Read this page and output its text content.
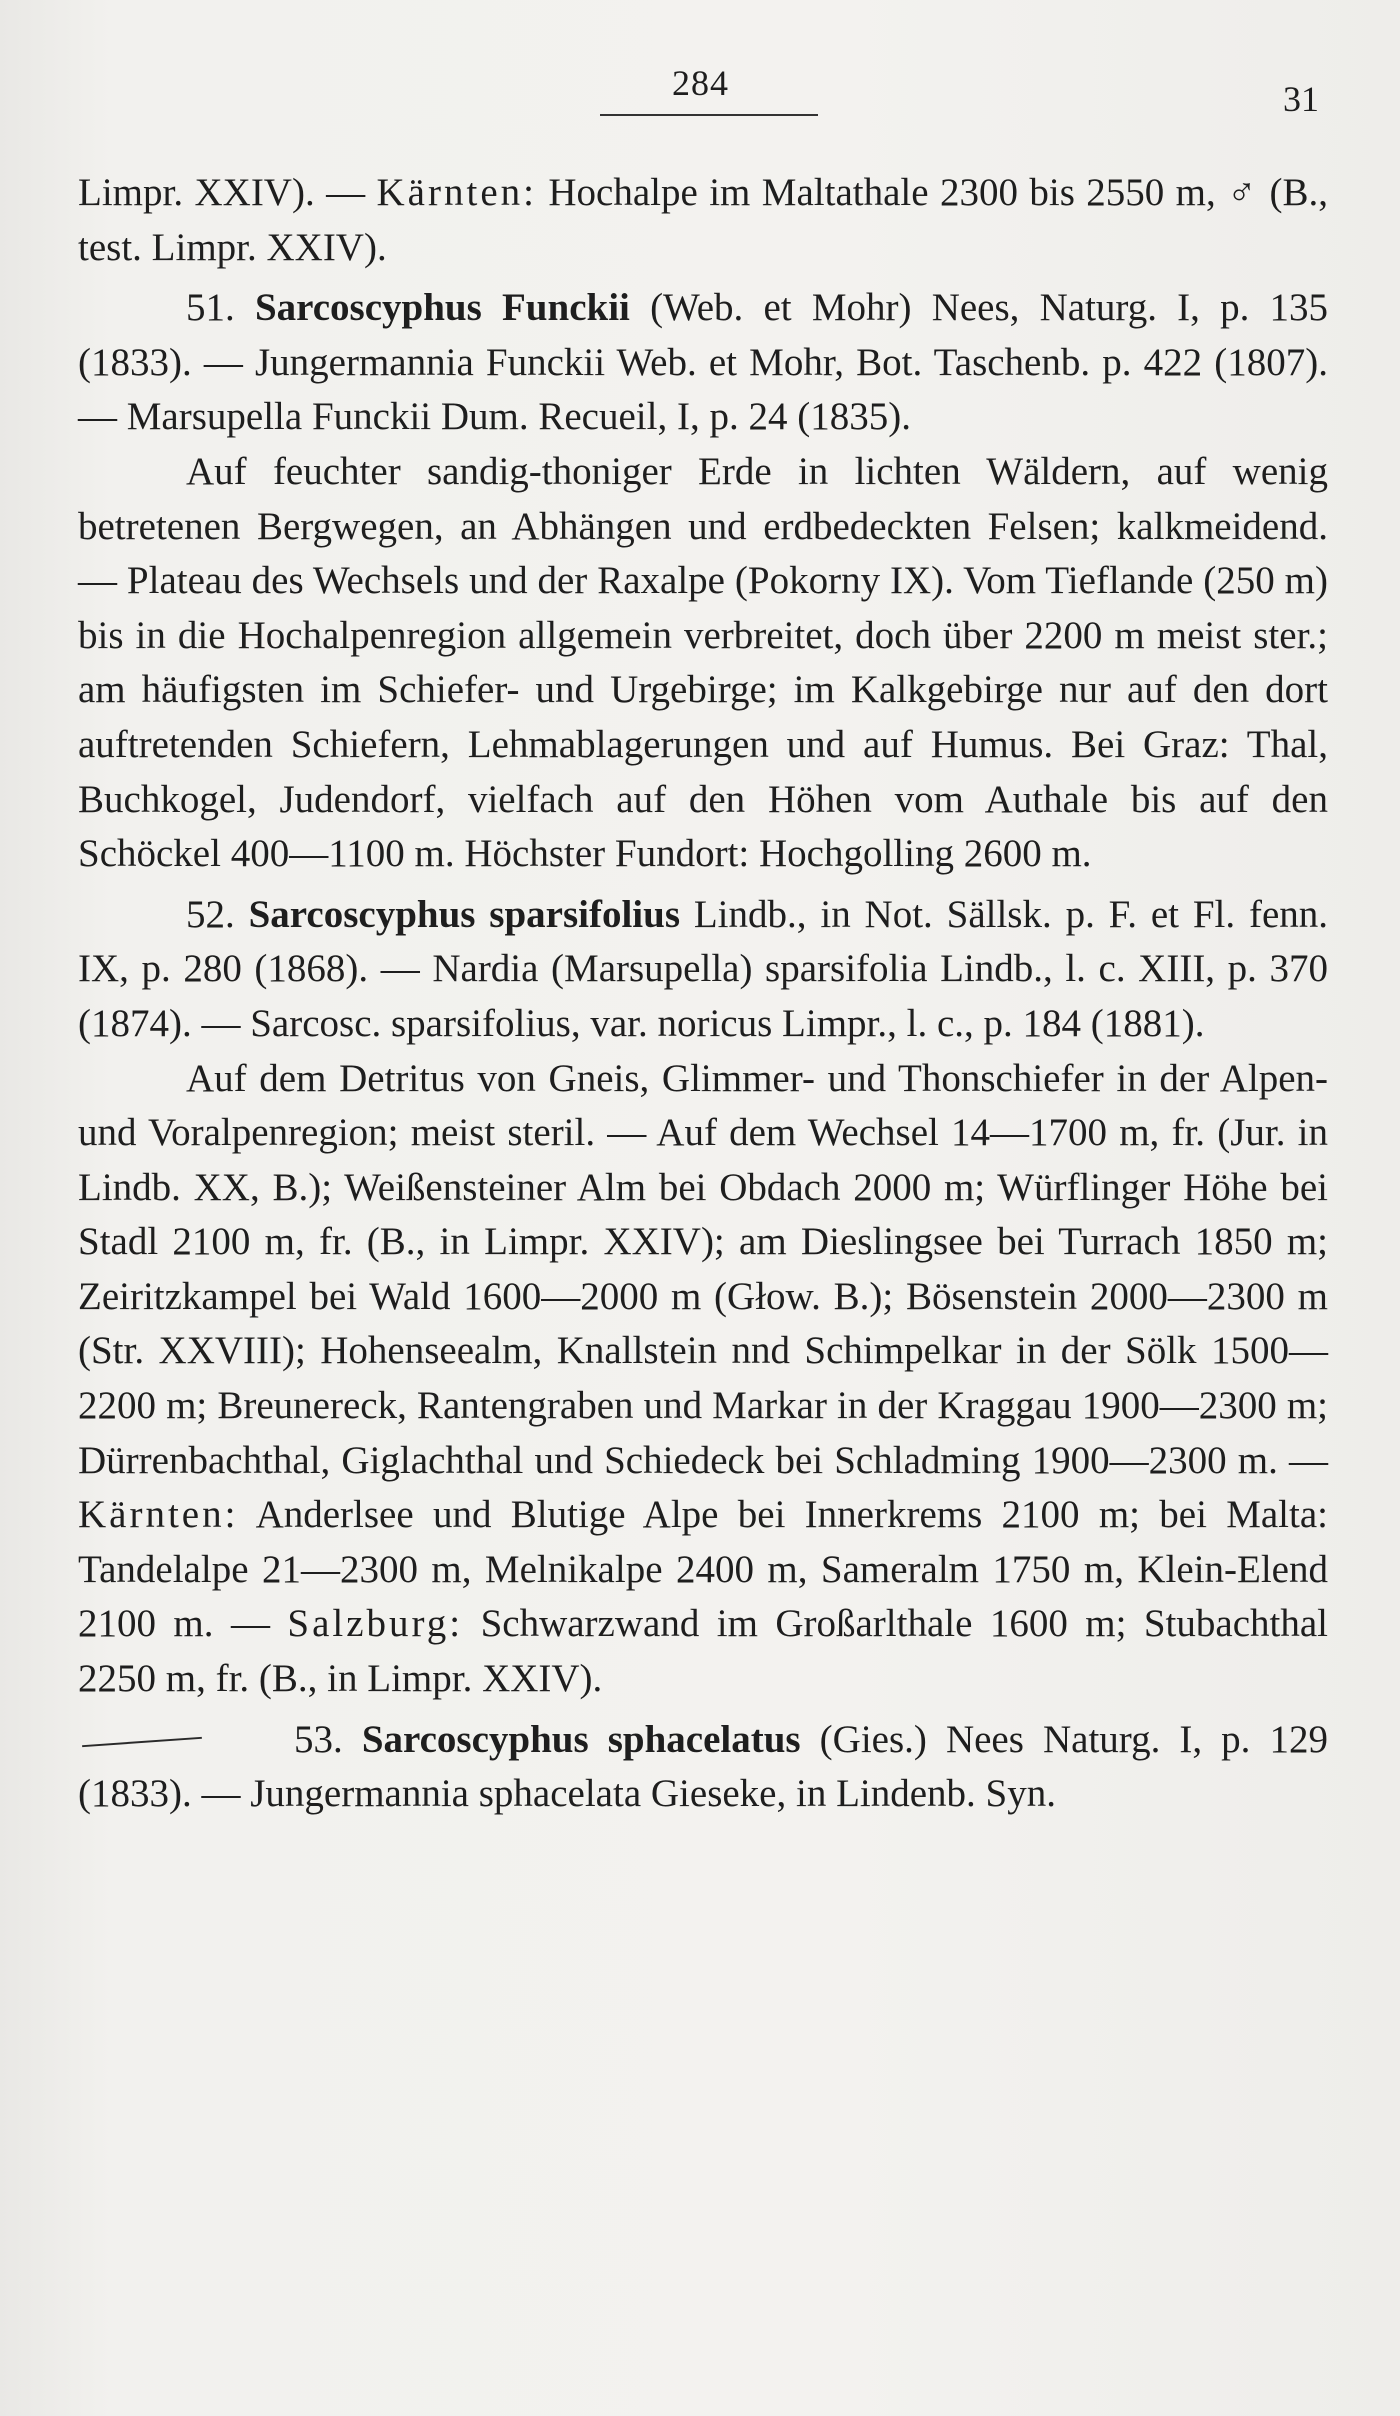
284	31

Limpr. XXIV). — Kärnten: Hochalpe im Maltathale 2300 bis 2550 m, ♂ (B., test. Limpr. XXIV).

51. Sarcoscyphus Funckii (Web. et Mohr) Nees, Naturg. I, p. 135 (1833). — Jungermannia Funckii Web. et Mohr, Bot. Taschenb. p. 422 (1807). — Marsupella Funckii Dum. Recueil, I, p. 24 (1835).

Auf feuchter sandig-thoniger Erde in lichten Wäldern, auf wenig betretenen Bergwegen, an Abhängen und erdbedeckten Felsen; kalkmeidend. — Plateau des Wechsels und der Raxalpe (Pokorny IX). Vom Tieflande (250 m) bis in die Hochalpenregion allgemein verbreitet, doch über 2200 m meist ster.; am häufigsten im Schiefer- und Urgebirge; im Kalkgebirge nur auf den dort auftretenden Schiefern, Lehmablagerungen und auf Humus. Bei Graz: Thal, Buchkogel, Judendorf, vielfach auf den Höhen vom Authale bis auf den Schöckel 400—1100 m. Höchster Fundort: Hochgolling 2600 m.

52. Sarcoscyphus sparsifolius Lindb., in Not. Sällsk. p. F. et Fl. fenn. IX, p. 280 (1868). — Nardia (Marsupella) sparsifolia Lindb., l. c. XIII, p. 370 (1874). — Sarcosc. sparsifolius, var. noricus Limpr., l. c., p. 184 (1881).

Auf dem Detritus von Gneis, Glimmer- und Thonschiefer in der Alpen- und Voralpenregion; meist steril. — Auf dem Wechsel 14—1700 m, fr. (Jur. in Lindb. XX, B.); Weißensteiner Alm bei Obdach 2000 m; Würflinger Höhe bei Stadl 2100 m, fr. (B., in Limpr. XXIV); am Dieslingsee bei Turrach 1850 m; Zeiritzkampel bei Wald 1600—2000 m (Głow. B.); Bösenstein 2000—2300 m (Str. XXVIII); Hohenseealm, Knallstein nnd Schimpelkar in der Sölk 1500—2200 m; Breunereck, Rantengraben und Markar in der Kraggau 1900—2300 m; Dürrenbachthal, Giglachthal und Schiedeck bei Schladming 1900—2300 m. — Kärnten: Anderlsee und Blutige Alpe bei Innerkrems 2100 m; bei Malta: Tandelalpe 21—2300 m, Melnikalpe 2400 m, Sameralm 1750 m, Klein-Elend 2100 m. — Salzburg: Schwarzwand im Großarlthale 1600 m; Stubachthal 2250 m, fr. (B., in Limpr. XXIV).

53. Sarcoscyphus sphacelatus (Gies.) Nees Naturg. I, p. 129 (1833). — Jungermannia sphacelata Gieseke, in Lindenb. Syn.
